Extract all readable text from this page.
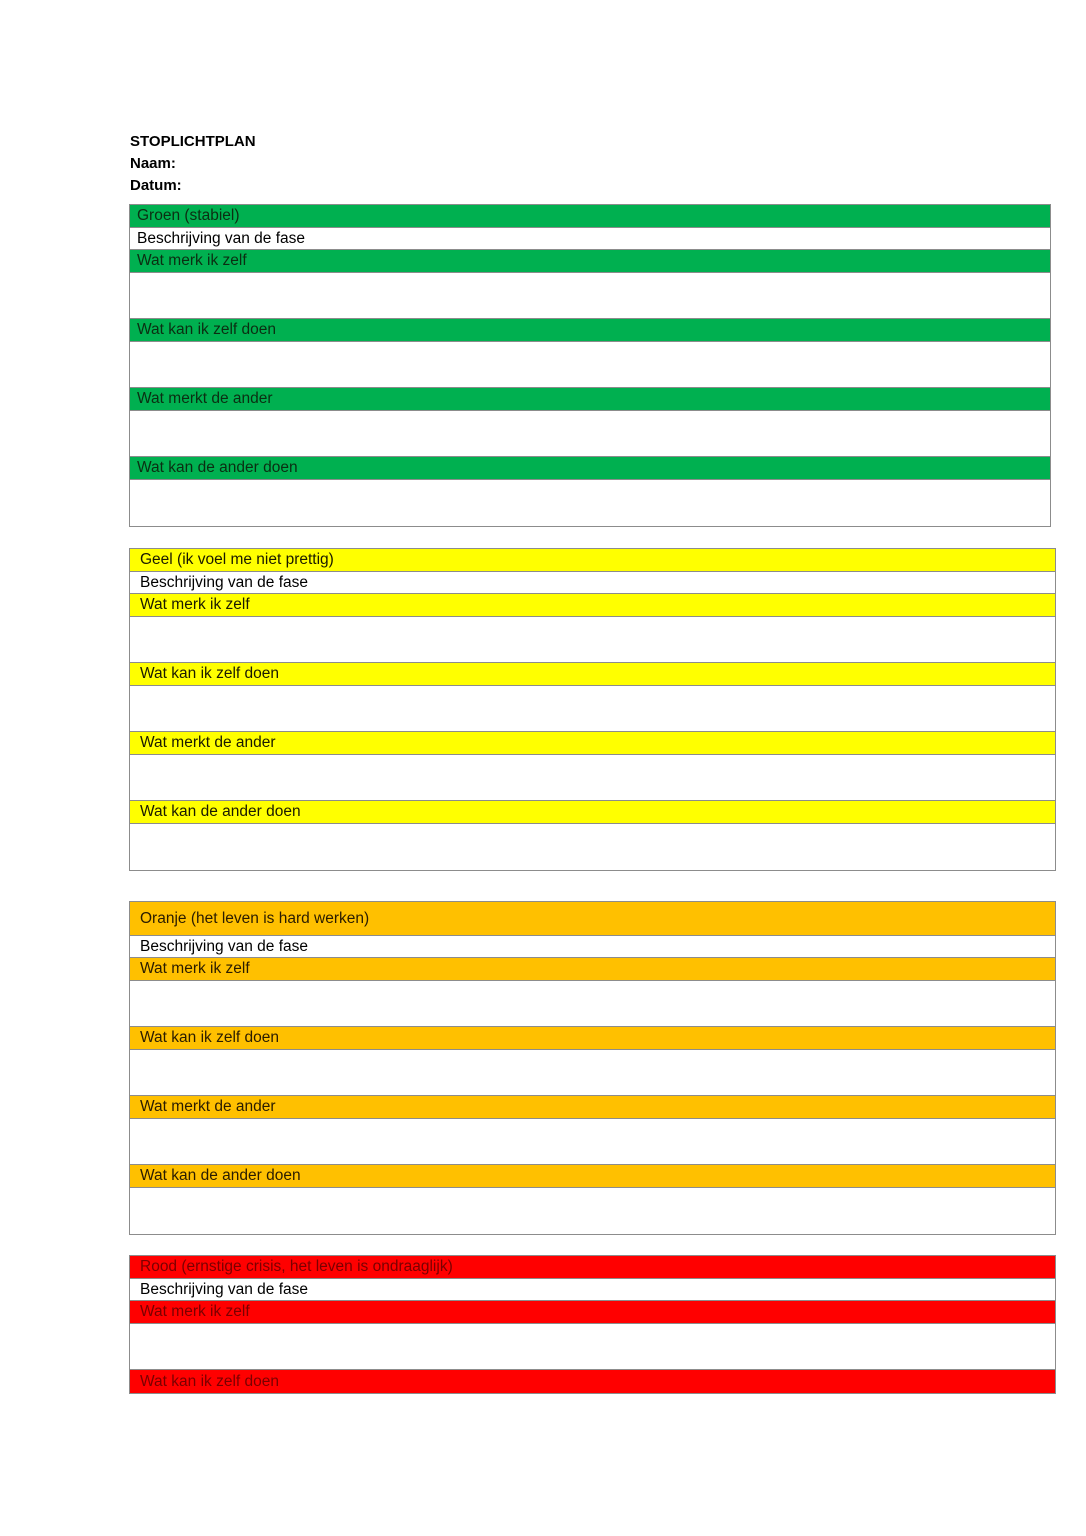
STOPLICHTPLAN
Naam:
Datum:
Groen (stabiel)
Beschrijving van de fase
Wat merk ik zelf
Wat kan ik zelf doen
Wat merkt de ander
Wat kan de ander doen
Geel (ik voel me niet prettig)
Beschrijving van de fase
Wat merk ik zelf
Wat kan ik zelf doen
Wat merkt de ander
Wat kan de ander doen
Oranje (het leven is hard werken)
Beschrijving van de fase
Wat merk ik zelf
Wat kan ik zelf doen
Wat merkt de ander
Wat kan de ander doen
Rood (ernstige crisis, het leven is ondraaglijk)
Beschrijving van de fase
Wat merk ik zelf
Wat kan ik zelf doen
